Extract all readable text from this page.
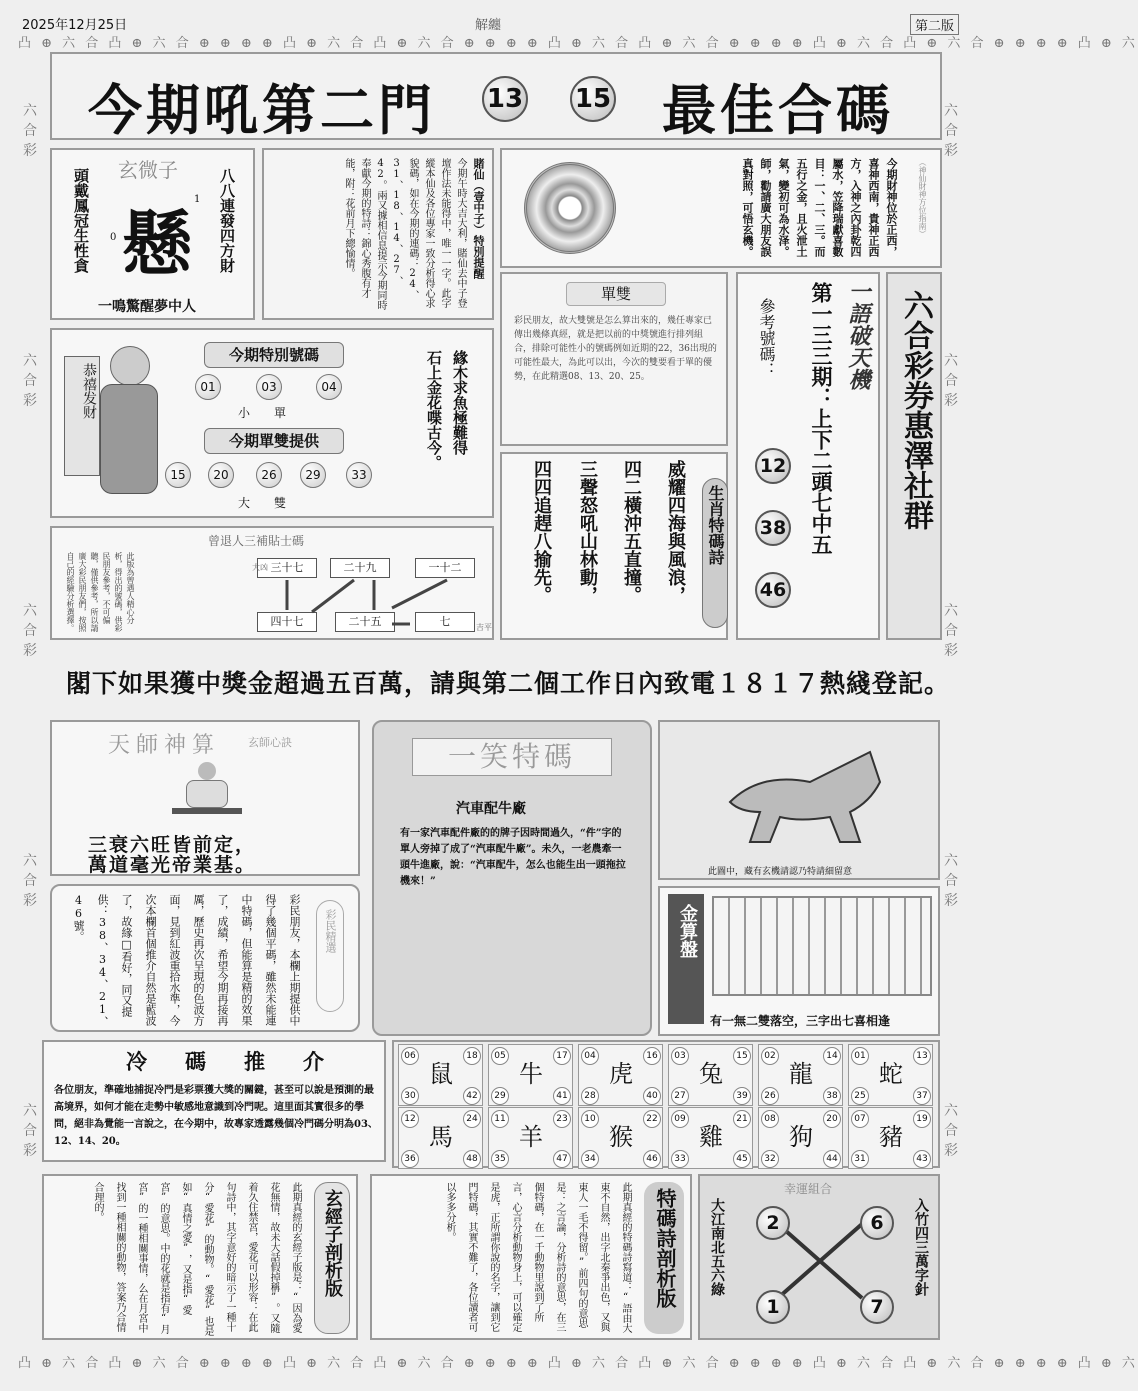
2025年12月25日	解纏	第二版
凸 ⊕ 六 合 凸 ⊕ 六 合 ⊕ ⊕ ⊕ ⊕ 凸 ⊕ 六 合 凸 ⊕ 六 合 ⊕ ⊕ ⊕ ⊕ 凸 ⊕ 六 合 凸 ⊕ 六 合 ⊕ ⊕ ⊕ ⊕ 凸 ⊕ 六 合 凸 ⊕ 六 合 ⊕ ⊕ ⊕ ⊕ 凸 ⊕ 六
凸 ⊕ 六 合 凸 ⊕ 六 合 ⊕ ⊕ ⊕ ⊕ 凸 ⊕ 六 合 凸 ⊕ 六 合 ⊕ ⊕ ⊕ ⊕ 凸 ⊕ 六 合 凸 ⊕ 六 合 ⊕ ⊕ ⊕ ⊕ 凸 ⊕ 六 合 凸 ⊕ 六 合 ⊕ ⊕ ⊕ ⊕ 凸 ⊕ 六
六合彩
六合彩
六合彩
六合彩
六合彩
六合彩
六合彩
六合彩
六合彩
六合彩
今期吼第二門 13 15 最佳合碼
玄微子
頭戴鳳冠生性貪 0 懸
1 八八連發四方財
一鳴驚醒夢中人
賭仙（壹中子）特別提醒
今期午時大吉大利，賭仙去中子登壇作法未能得中，唯一一字。此字縱本仙及各位專家一致分析得心求貌碼，如在今期的連碼：24、31、18、14、27、42。兩又據相信息提示今期同時奉獻今期的特詩：錦心秀腹有才能，附：花前月下總愉情。	今期財神位於正西，喜神西南，貴神正西方，入神之內卦乾四屬水，笠降瑞獻喜數目：一、二、三。而五行之金，且火泄土氣，變初可為水泽。師，勸請廣大朋友誤真對照，可悟玄機。	（神仙財神方位指南）
恭禧发财
今期特別號碼
01	03	04
小　　單
今期單雙提供
15	20	26	29	33
大　　雙
緣木求魚極難得
石上金花喋古今。
單雙
彩民朋友，故大雙號是怎么算出來的，幾任專家已傳出幾條真經，就是把以前的中獎號進行排列組合，排除可能性小的號碼例如近期的22，36出現的可能性最大，為此可以出，今次的雙要看于單的優勢，在此精選08、13、20、25。
威耀四海與風浪，
四二橫沖五直撞。
三聲怒吼山林動，
四四追趕八揄先。	生肖特碼詩
一語破天機
第一三三期：上下二頭七中五
參考號碼：
12
38
46
六合彩券惠澤社群
曾退人三補貼士碼
此版為曾遇人精心分析，得出的號碼，供彩民朋友參考，不可偏聽，僅供參考，所以請廣大彩民朋友們，按照自己的經驗分析選擇。	三十七	二十九	一十二
四十七	二十五	七
大凶
吉平
閣下如果獲中獎金超過五百萬，請與第二個工作日內致電１８１７熱綫登記。
天師神算	玄師心訣
三衰六旺皆前定，
萬道毫光帝業基。
一笑特碼
汽車配牛廠
有一家汽車配件廠的的牌子因時間過久，“件”字的單人旁掉了成了“汽車配牛廠”。未久，一老農牽一頭牛進廠，說：“汽車配牛，怎么也能生出一頭拖拉機來！”
此圖中，藏有玄機請認乃特請細留意
金算盤
有一無二雙落空，三字出七喜相逢
彩民精選
彩民朋友，本欄上期提供中得了幾個平碼，雖然未能連中特碼，但能算是精的效果了，成績，希望今期再接再厲，歷史再次呈現的色波方面，見到紅波重拾水準，今次本欄首個推介自然是藍波了，故緣□看好，同又提供：38、34、21、46號。
冷碼推介
各位朋友，準確地捕捉冷門是彩票獲大獎的關鍵，甚至可以說是預測的最高境界，如何才能在走勢中敏感地意識到冷門呢。這里面其實很多的學問，絕非為覺能一言說之，在今期中，故專家透露幾個冷門碼分明為03、12、14、20。
06	18
30	42
鼠
05	17
29	41
牛
04	16
28	40
虎
03	15
27	39
兔
02	14
26	38
龍
01	13
25	37
蛇
12	24
36	48
馬
11	23
35	47
羊
10	22
34	46
猴
09	21
33	45
雞
08	20
32	44
狗
07	19
31	43
豬
玄經子剖析版
此期真經的玄經子版是：“因為愛花無情，故未大話假掉稱”。又隨着久住禁宮，愛花可以形容：在此句詩中，其字意好的暗示了一種十分“愛花”的動物。“愛花”也是如“真情之愛”，又是指“愛宮”的意思。中的花就是指有“月宮”的一種相關事情，么在月宮中找到一種相關的動物，答案乃合情合理的。	特碼詩剖析版
此期真經的特碼詩寫道：“語由大東不自然，出字北秦爭出色，又與東人一毛不得留。”前四句的意思是：之言論，分析詩的意思，在三個特碼，在一千動物里說到了所言，心言分析動物身上，可以確定是虎，正所謂你說的名字，讓到它門特碼，其實不難了，各位讀者可以多多分析。	幸運組合
大江南北五六綠	入竹四三萬字針
2	6
1	7
